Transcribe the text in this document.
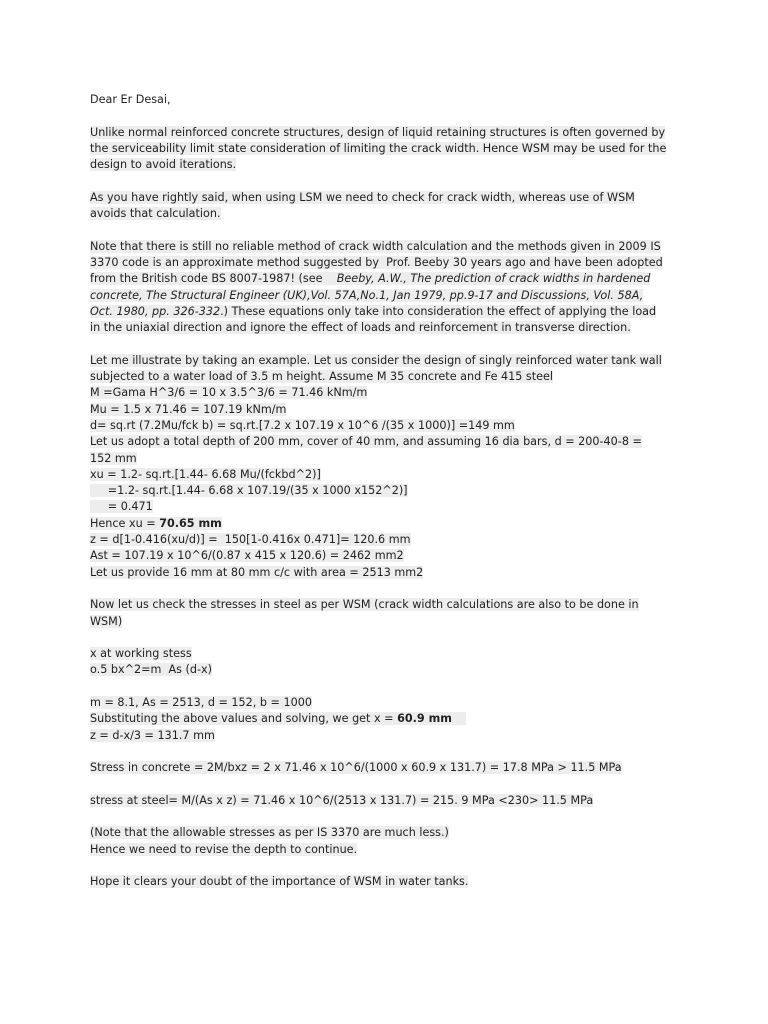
Dear Er Desai,
Unlike normal reinforced concrete structures, design of liquid retaining structures is often governed by
the serviceability limit state consideration of limiting the crack width. Hence WSM may be used for the
design to avoid iterations.
As you have rightly said, when using LSM we need to check for crack width, whereas use of WSM
avoids that calculation.
Note that there is still no reliable method of crack width calculation and the methods given in 2009 IS
3370 code is an approximate method suggested by  Prof. Beeby 30 years ago and have been adopted
from the British code BS 8007-1987! (see    Beeby, A.W., The prediction of crack widths in hardened
concrete, The Structural Engineer (UK),Vol. 57A,No.1, Jan 1979, pp.9-17 and Discussions, Vol. 58A,
Oct. 1980, pp. 326-332.) These equations only take into consideration the effect of applying the load
in the uniaxial direction and ignore the effect of loads and reinforcement in transverse direction.
Let me illustrate by taking an example. Let us consider the design of singly reinforced water tank wall
subjected to a water load of 3.5 m height. Assume M 35 concrete and Fe 415 steel
M =Gama H^3/6 = 10 x 3.5^3/6 = 71.46 kNm/m
Mu = 1.5 x 71.46 = 107.19 kNm/m
d= sq.rt (7.2Mu/fck b) = sq.rt.[7.2 x 107.19 x 10^6 /(35 x 1000)] =149 mm
Let us adopt a total depth of 200 mm, cover of 40 mm, and assuming 16 dia bars, d = 200-40-8 =
152 mm
xu = 1.2- sq.rt.[1.44- 6.68 Mu/(fckbd^2)]
=1.2- sq.rt.[1.44- 6.68 x 107.19/(35 x 1000 x152^2)]
= 0.471
Hence xu = 70.65 mm
z = d[1-0.416(xu/d)] =  150[1-0.416x 0.471]= 120.6 mm
Ast = 107.19 x 10^6/(0.87 x 415 x 120.6) = 2462 mm2
Let us provide 16 mm at 80 mm c/c with area = 2513 mm2
Now let us check the stresses in steel as per WSM (crack width calculations are also to be done in
WSM)
x at working stess
o.5 bx^2=m  As (d-x)
m = 8.1, As = 2513, d = 152, b = 1000
Substituting the above values and solving, we get x = 60.9 mm
z = d-x/3 = 131.7 mm
Stress in concrete = 2M/bxz = 2 x 71.46 x 10^6/(1000 x 60.9 x 131.7) = 17.8 MPa > 11.5 MPa
stress at steel= M/(As x z) = 71.46 x 10^6/(2513 x 131.7) = 215. 9 MPa <230> 11.5 MPa
(Note that the allowable stresses as per IS 3370 are much less.)
Hence we need to revise the depth to continue.
Hope it clears your doubt of the importance of WSM in water tanks.
